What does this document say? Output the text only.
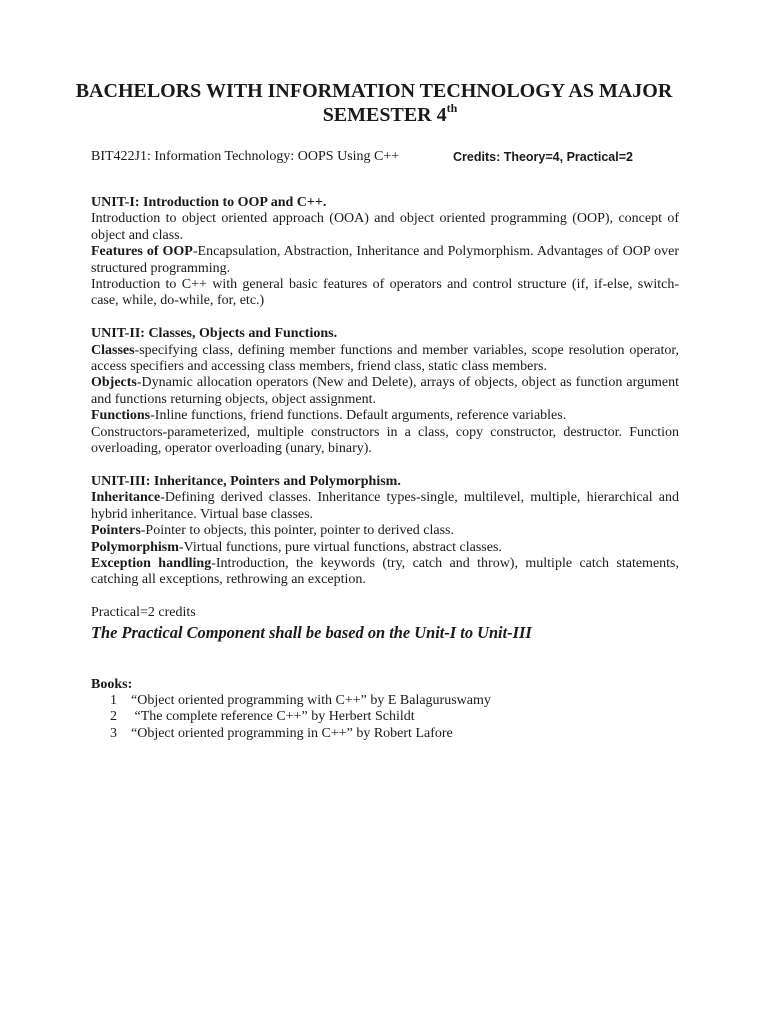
BACHELORS WITH INFORMATION TECHNOLOGY AS MAJOR
SEMESTER 4th
BIT422J1: Information Technology: OOPS Using C++	Credits: Theory=4, Practical=2
UNIT-I: Introduction to OOP and C++.
Introduction to object oriented approach (OOA) and object oriented programming (OOP), concept of object and class.
Features of OOP-Encapsulation, Abstraction, Inheritance and Polymorphism. Advantages of OOP over structured programming.
Introduction to C++ with general basic features of operators and control structure (if, if-else, switch-case, while, do-while, for, etc.)
UNIT-II: Classes, Objects and Functions.
Classes-specifying class, defining member functions and member variables, scope resolution operator, access specifiers and accessing class members, friend class, static class members.
Objects-Dynamic allocation operators (New and Delete), arrays of objects, object as function argument and functions returning objects, object assignment.
Functions-Inline functions, friend functions. Default arguments, reference variables.
Constructors-parameterized, multiple constructors in a class, copy constructor, destructor. Function overloading, operator overloading (unary, binary).
UNIT-III: Inheritance, Pointers and Polymorphism.
Inheritance-Defining derived classes. Inheritance types-single, multilevel, multiple, hierarchical and hybrid inheritance. Virtual base classes.
Pointers-Pointer to objects, this pointer, pointer to derived class.
Polymorphism-Virtual functions, pure virtual functions, abstract classes.
Exception handling-Introduction, the keywords (try, catch and throw), multiple catch statements, catching all exceptions, rethrowing an exception.
Practical=2 credits
The Practical Component shall be based on the Unit-I to Unit-III
Books:
1	“Object oriented programming with C++” by E Balaguruswamy
2	“The complete reference C++” by Herbert Schildt
3	“Object oriented programming in C++” by Robert Lafore
